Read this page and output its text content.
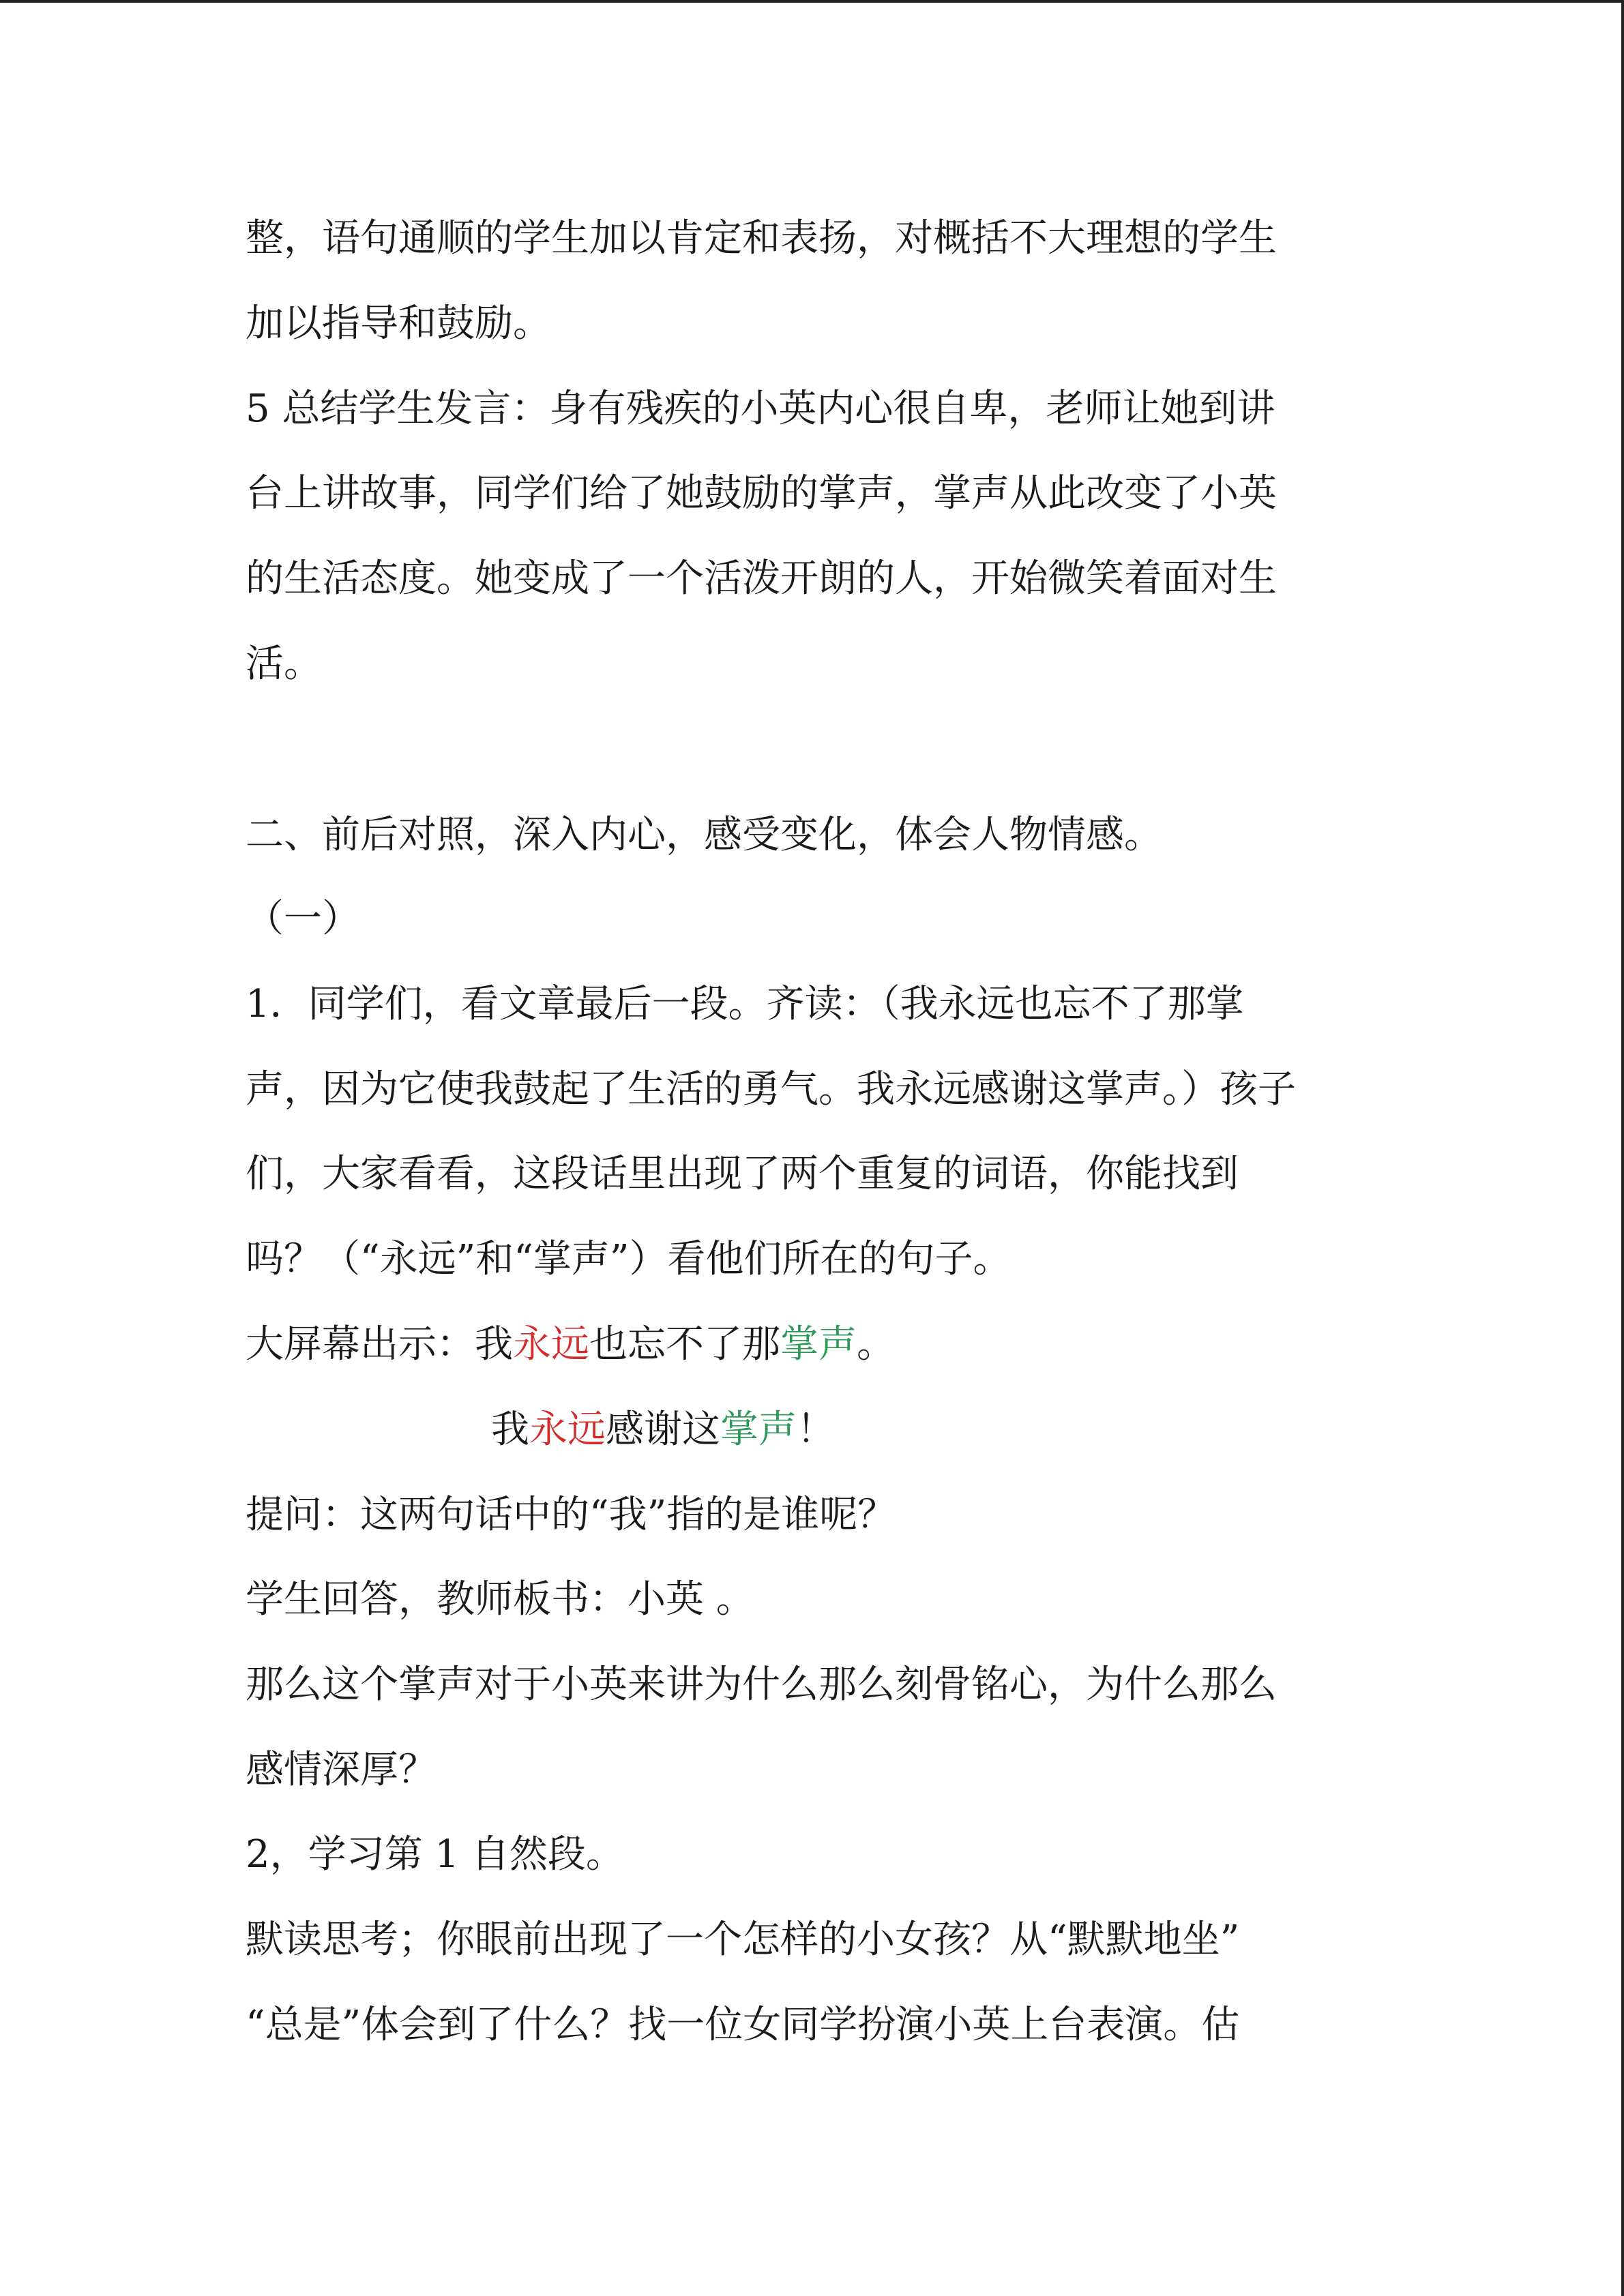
整，语句通顺的学生加以肯定和表扬，对概括不大理想的学生
加以指导和鼓励。
5 总结学生发言：身有残疾的小英内心很自卑，老师让她到讲
台上讲故事，同学们给了她鼓励的掌声，掌声从此改变了小英
的生活态度。她变成了一个活泼开朗的人，开始微笑着面对生
活。
二、前后对照，深入内心，感受变化，体会人物情感。
（一）
1．同学们，看文章最后一段。齐读：（我永远也忘不了那掌
声，因为它使我鼓起了生活的勇气。我永远感谢这掌声。）孩子
们，大家看看，这段话里出现了两个重复的词语，你能找到
吗？（“永远”和“掌声”）看他们所在的句子。
大屏幕出示：我永远也忘不了那掌声。
我永远感谢这掌声！
提问：这两句话中的“我”指的是谁呢？
学生回答，教师板书：小英 。
那么这个掌声对于小英来讲为什么那么刻骨铭心，为什么那么
感情深厚？
2，学习第 1 自然段。
默读思考；你眼前出现了一个怎样的小女孩？从“默默地坐”
“总是”体会到了什么？找一位女同学扮演小英上台表演。估
